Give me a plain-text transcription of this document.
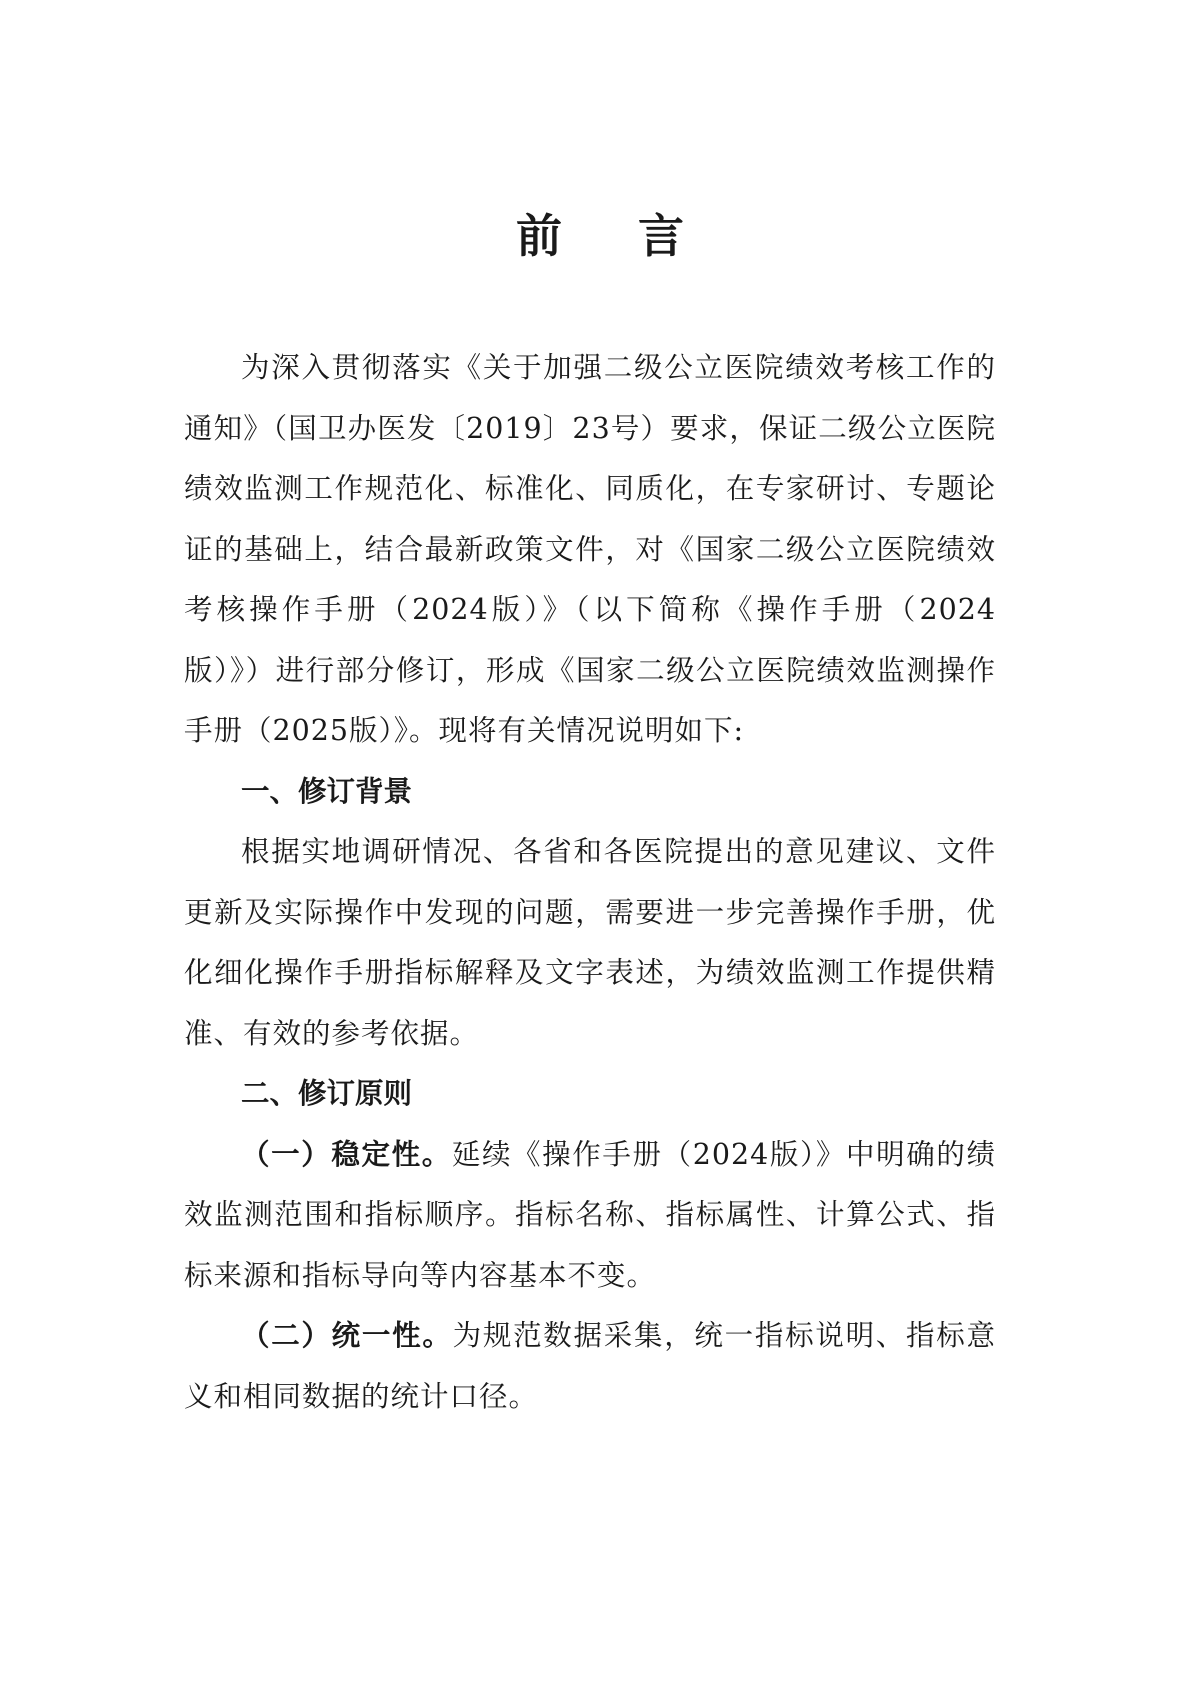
前 言

为深入贯彻落实《关于加强二级公立医院绩效考核工作的通知》（国卫办医发〔2019〕23号）要求，保证二级公立医院绩效监测工作规范化、标准化、同质化，在专家研讨、专题论证的基础上，结合最新政策文件，对《国家二级公立医院绩效考核操作手册（2024版）》（以下简称《操作手册（2024版）》）进行部分修订，形成《国家二级公立医院绩效监测操作手册（2025版）》。现将有关情况说明如下:

一、修订背景

根据实地调研情况、各省和各医院提出的意见建议、文件更新及实际操作中发现的问题，需要进一步完善操作手册，优化细化操作手册指标解释及文字表述，为绩效监测工作提供精准、有效的参考依据。

二、修订原则

（一）稳定性。延续《操作手册（2024版）》中明确的绩效监测范围和指标顺序。指标名称、指标属性、计算公式、指标来源和指标导向等内容基本不变。

（二）统一性。为规范数据采集，统一指标说明、指标意义和相同数据的统计口径。
